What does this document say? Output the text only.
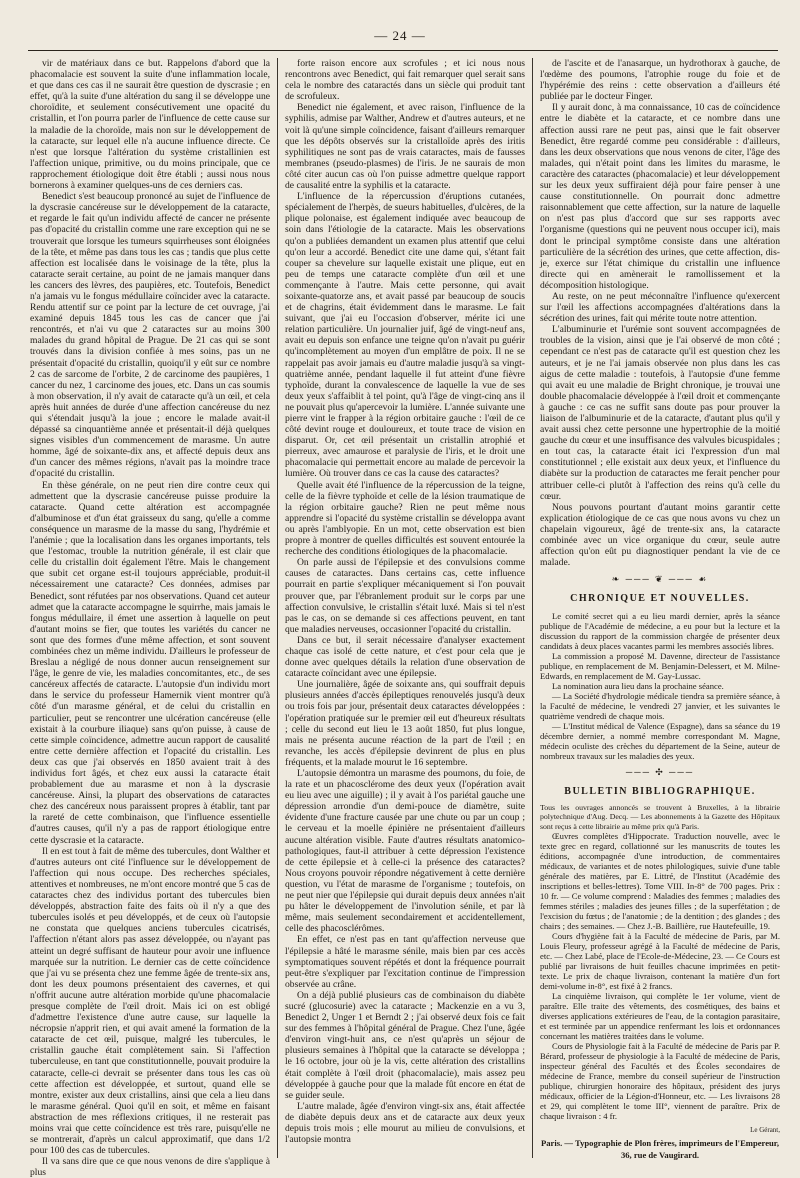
— 24 —

vir de matériaux dans ce but. Rappelons d'abord que la phacomalacie est souvent la suite d'une inflammation locale, et que dans ces cas il ne saurait être question de dyscrasie ; en effet, qu'à la suite d'une altération du sang il se développe une choroïdite, et seulement consécutivement une opacité du cristallin, et l'on pourra parler de l'influence de cette cause sur la maladie de la choroïde, mais non sur le développement de la cataracte, sur lequel elle n'a aucune influence directe. Ce n'est que lorsque l'altération du système cristallinien est l'affection unique, primitive, ou du moins principale, que ce rapprochement étiologique doit être établi ; aussi nous nous bornerons à examiner quelques-uns de ces derniers cas.

Benedict s'est beaucoup prononcé au sujet de l'influence de la dyscrasie cancéreuse sur le développement de la cataracte, et regarde le fait qu'un individu affecté de cancer ne présente pas d'opacité du cristallin comme une rare exception qui ne se trouverait que lorsque les tumeurs squirrheuses sont éloignées de la tête, et même pas dans tous les cas ; tandis que plus cette affection est localisée dans le voisinage de la tête, plus la cataracte serait certaine, au point de ne jamais manquer dans les cancers des lèvres, des paupières, etc. Toutefois, Benedict n'a jamais vu le fongus médullaire coïncider avec la cataracte. Rendu attentif sur ce point par la lecture de cet ouvrage, j'ai examiné depuis 1845 tous les cas de cancer que j'ai rencontrés, et n'ai vu que 2 cataractes sur au moins 300 malades du grand hôpital de Prague. De 21 cas qui se sont trouvés dans la division confiée à mes soins, pas un ne présentait d'opacité du cristallin, quoiqu'il y eût sur ce nombre 2 cas de sarcome de l'orbite, 2 de carcinome des paupières, 1 cancer du nez, 1 carcinome des joues, etc. Dans un cas soumis à mon observation, il n'y avait de cataracte qu'à un œil, et cela après huit années de durée d'une affection cancéreuse du nez qui s'étendait jusqu'à la joue ; encore le malade avait-il dépassé sa cinquantième année et présentait-il déjà quelques signes visibles d'un commencement de marasme. Un autre homme, âgé de soixante-dix ans, et affecté depuis deux ans d'un cancer des mêmes régions, n'avait pas la moindre trace d'opacité du cristallin.

En thèse générale, on ne peut rien dire contre ceux qui admettent que la dyscrasie cancéreuse puisse produire la cataracte. Quand cette altération est accompagnée d'albuminose et d'un état graisseux du sang, qu'elle a comme conséquence un marasme de la masse du sang, l'hydrémie et l'anémie ; que la localisation dans les organes importants, tels que l'estomac, trouble la nutrition générale, il est clair que celle du cristallin doit également l'être. Mais le changement que subit cet organe est-il toujours appréciable, produit-il nécessairement une cataracte? Ces données, admises par Benedict, sont réfutées par nos observations. Quand cet auteur admet que la cataracte accompagne le squirrhe, mais jamais le fongus médullaire, il émet une assertion à laquelle on peut d'autant moins se fier, que toutes les variétés du cancer ne sont que des formes d'une même affection, et sont souvent combinées chez un même individu. D'ailleurs le professeur de Breslau a négligé de nous donner aucun renseignement sur l'âge, le genre de vie, les maladies concomitantes, etc., de ses cancéreux affectés de cataracte. L'autopsie d'un individu mort dans le service du professeur Hamernik vient montrer qu'à côté d'un marasme général, et de celui du cristallin en particulier, peut se rencontrer une ulcération cancéreuse (elle existait à la courbure iliaque) sans qu'on puisse, à cause de cette simple coïncidence, admettre aucun rapport de causalité entre cette dernière affection et l'opacité du cristallin. Les deux cas que j'ai observés en 1850 avaient trait à des individus fort âgés, et chez eux aussi la cataracte était probablement due au marasme et non à la dyscrasie cancéreuse. Ainsi, la plupart des observations de cataractes chez des cancéreux nous paraissent propres à établir, tant par la rareté de cette combinaison, que l'influence essentielle d'autres causes, qu'il n'y a pas de rapport étiologique entre cette dyscrasie et la cataracte.

Il en est tout à fait de même des tubercules, dont Walther et d'autres auteurs ont cité l'influence sur le développement de l'affection qui nous occupe. Des recherches spéciales, attentives et nombreuses, ne m'ont encore montré que 5 cas de cataractes chez des individus portant des tubercules bien développés, abstraction faite des faits où il n'y a que des tubercules isolés et peu développés, et de ceux où l'autopsie ne constata que quelques anciens tubercules cicatrisés, l'affection n'étant alors pas assez développée, ou n'ayant pas atteint un degré suffisant de hauteur pour avoir une influence marquée sur la nutrition. Le dernier cas de cette coïncidence que j'ai vu se présenta chez une femme âgée de trente-six ans, dont les deux poumons présentaient des cavernes, et qui n'offrit aucune autre altération morbide qu'une phacomalacie presque complète de l'œil droit. Mais ici on est obligé d'admettre l'existence d'une autre cause, sur laquelle la nécropsie n'apprit rien, et qui avait amené la formation de la cataracte de cet œil, puisque, malgré les tubercules, le cristallin gauche était complètement sain. Si l'affection tuberculeuse, en tant que constitutionnelle, pouvait produire la cataracte, celle-ci devrait se présenter dans tous les cas où cette affection est développée, et surtout, quand elle se montre, exister aux deux cristallins, ainsi que cela a lieu dans le marasme général. Quoi qu'il en soit, et même en faisant abstraction de mes réflexions critiques, il ne resterait pas moins vrai que cette coïncidence est très rare, puisqu'elle ne se montrerait, d'après un calcul approximatif, que dans 1/2 pour 100 des cas de tubercules.

Il va sans dire que ce que nous venons de dire s'applique à plus

forte raison encore aux scrofules ; et ici nous nous rencontrons avec Benedict, qui fait remarquer quel serait sans cela le nombre des cataractés dans un siècle qui produit tant de scrofuleux.

Benedict nie également, et avec raison, l'influence de la syphilis, admise par Walther, Andrew et d'autres auteurs, et ne voit là qu'une simple coïncidence, faisant d'ailleurs remarquer que les dépôts observés sur la cristalloïde après des iritis syphilitiques ne sont pas de vrais cataractes, mais de fausses membranes (pseudo-plasmes) de l'iris. Je ne saurais de mon côté citer aucun cas où l'on puisse admettre quelque rapport de causalité entre la syphilis et la cataracte.

L'influence de la répercussion d'éruptions cutanées, spécialement de l'herpès, de sueurs habituelles, d'ulcères, de la plique polonaise, est également indiquée avec beaucoup de soin dans l'étiologie de la cataracte. Mais les observations qu'on a publiées demandent un examen plus attentif que celui qu'on leur a accordé. Benedict cite une dame qui, s'étant fait couper sa chevelure sur laquelle existait une plique, eut en peu de temps une cataracte complète d'un œil et une commençante à l'autre. Mais cette personne, qui avait soixante-quatorze ans, et avait passé par beaucoup de soucis et de chagrins, était évidemment dans le marasme. Le fait suivant, que j'ai eu l'occasion d'observer, mérite ici une relation particulière. Un journalier juif, âgé de vingt-neuf ans, avait eu depuis son enfance une teigne qu'on n'avait pu guérir qu'incomplètement au moyen d'un emplâtre de poix. Il ne se rappelait pas avoir jamais eu d'autre maladie jusqu'à sa vingt-quatrième année, pendant laquelle il fut atteint d'une fièvre typhoïde, durant la convalescence de laquelle la vue de ses deux yeux s'affaiblit à tel point, qu'à l'âge de vingt-cinq ans il ne pouvait plus qu'apercevoir la lumière. L'année suivante une pierre vint le frapper à la région orbitaire gauche : l'œil de ce côté devint rouge et douloureux, et toute trace de vision en disparut. Or, cet œil présentait un cristallin atrophié et pierreux, avec amaurose et paralysie de l'iris, et le droit une phacomalacie qui permettait encore au malade de percevoir la lumière. Où trouver dans ce cas la cause des cataractes?

Quelle avait été l'influence de la répercussion de la teigne, celle de la fièvre typhoïde et celle de la lésion traumatique de la région orbitaire gauche? Rien ne peut même nous apprendre si l'opacité du système cristallin se développa avant ou après l'amblyopie. En un mot, cette observation est bien propre à montrer de quelles difficultés est souvent entourée la recherche des conditions étiologiques de la phacomalacie.

On parle aussi de l'épilepsie et des convulsions comme causes de cataractes. Dans certains cas, cette influence pourrait en partie s'expliquer mécaniquement si l'on pouvait prouver que, par l'ébranlement produit sur le corps par une affection convulsive, le cristallin s'était luxé. Mais si tel n'est pas le cas, on se demande si ces affections peuvent, en tant que maladies nerveuses, occasionner l'opacité du cristallin.

Dans ce but, il serait nécessaire d'analyser exactement chaque cas isolé de cette nature, et c'est pour cela que je donne avec quelques détails la relation d'une observation de cataracte coïncidant avec une épilepsie.

Une journalière, âgée de soixante ans, qui souffrait depuis plusieurs années d'accès épileptiques renouvelés jusqu'à deux ou trois fois par jour, présentait deux cataractes développées : l'opération pratiquée sur le premier œil eut d'heureux résultats ; celle du second eut lieu le 13 août 1850, fut plus longue, mais ne présenta aucune réaction de la part de l'œil ; en revanche, les accès d'épilepsie devinrent de plus en plus fréquents, et la malade mourut le 16 septembre.

L'autopsie démontra un marasme des poumons, du foie, de la rate et un phacosclérome des deux yeux (l'opération avait eu lieu avec une aiguille) ; il y avait à l'os pariétal gauche une dépression arrondie d'un demi-pouce de diamètre, suite évidente d'une fracture causée par une chute ou par un coup ; le cerveau et la moelle épinière ne présentaient d'ailleurs aucune altération visible. Faute d'autres résultats anatomico-pathologiques, faut-il attribuer à cette dépression l'existence de cette épilepsie et à celle-ci la présence des cataractes? Nous croyons pouvoir répondre négativement à cette dernière question, vu l'état de marasme de l'organisme ; toutefois, on ne peut nier que l'épilepsie qui durait depuis deux années n'ait pu hâter le développement de l'involution sénile, et par là même, mais seulement secondairement et accidentellement, celle des phacosclérômes.

En effet, ce n'est pas en tant qu'affection nerveuse que l'épilepsie a hâté le marasme sénile, mais bien par ces accès symptomatiques souvent répétés et dont la fréquence pourrait peut-être s'expliquer par l'excitation continue de l'impression observée au crâne.

On a déjà publié plusieurs cas de combinaison du diabète sucré (glucosurie) avec la cataracte ; Mackenzie en a vu 3, Benedict 2, Unger 1 et Berndt 2 ; j'ai observé deux fois ce fait sur des femmes à l'hôpital général de Prague. Chez l'une, âgée d'environ vingt-huit ans, ce n'est qu'après un séjour de plusieurs semaines à l'hôpital que la cataracte se développa ; le 16 octobre, jour où je la vis, cette altération des cristallins était complète à l'œil droit (phacomalacie), mais assez peu développée à gauche pour que la malade fût encore en état de se guider seule.

L'autre malade, âgée d'environ vingt-six ans, était affectée de diabète depuis deux ans et de cataracte aux deux yeux depuis trois mois ; elle mourut au milieu de convulsions, et l'autopsie montra

de l'ascite et de l'anasarque, un hydrothorax à gauche, de l'œdème des poumons, l'atrophie rouge du foie et de l'hypérémie des reins : cette observation a d'ailleurs été publiée par le docteur Finger.

Il y aurait donc, à ma connaissance, 10 cas de coïncidence entre le diabète et la cataracte, et ce nombre dans une affection aussi rare ne peut pas, ainsi que le fait observer Benedict, être regardé comme peu considérable : d'ailleurs, dans les deux observations que nous venons de citer, l'âge des malades, qui n'était point dans les limites du marasme, le caractère des cataractes (phacomalacie) et leur développement sur les deux yeux suffiraient déjà pour faire penser à une cause constitutionnelle. On pourrait donc admettre raisonnablement que cette affection, sur la nature de laquelle on n'est pas plus d'accord que sur ses rapports avec l'organisme (questions qui ne peuvent nous occuper ici), mais dont le principal symptôme consiste dans une altération particulière de la sécrétion des urines, que cette affection, dis-je, exerce sur l'état chimique du cristallin une influence directe qui en amènerait le ramollissement et la décomposition histologique.

Au reste, on ne peut méconnaître l'influence qu'exercent sur l'œil les affections accompagnées d'altérations dans la sécrétion des urines, fait qui mérite toute notre attention.

L'albuminurie et l'urémie sont souvent accompagnées de troubles de la vision, ainsi que je l'ai observé de mon côté ; cependant ce n'est pas de cataracte qu'il est question chez les auteurs, et je ne l'ai jamais observée non plus dans les cas aigus de cette maladie : toutefois, à l'autopsie d'une femme qui avait eu une maladie de Bright chronique, je trouvai une double phacomalacie développée à l'œil droit et commençante à gauche : ce cas ne suffit sans doute pas pour prouver la liaison de l'albuminurie et de la cataracte, d'autant plus qu'il y avait aussi chez cette personne une hypertrophie de la moitié gauche du cœur et une insuffisance des valvules bicuspidales ; en tout cas, la cataracte était ici l'expression d'un mal constitutionnel ; elle existait aux deux yeux, et l'influence du diabète sur la production de cataractes me ferait pencher pour attribuer celle-ci plutôt à l'affection des reins qu'à celle du cœur.

Nous pouvons pourtant d'autant moins garantir cette explication étiologique de ce cas que nous avons vu chez un chapelain vigoureux, âgé de trente-six ans, la cataracte combinée avec un vice organique du cœur, seule autre affection qu'on eût pu diagnostiquer pendant la vie de ce malade.

❧ ─── ❦ ─── ☙
CHRONIQUE ET NOUVELLES.

Le comité secret qui a eu lieu mardi dernier, après la séance publique de l'Académie de médecine, a eu pour but la lecture et la discussion du rapport de la commission chargée de présenter deux candidats à deux places vacantes parmi les membres associés libres.

La commission a proposé M. Davenne, directeur de l'assistance publique, en remplacement de M. Benjamin-Delessert, et M. Milne-Edwards, en remplacement de M. Gay-Lussac.

La nomination aura lieu dans la prochaine séance.

— La Société d'hydrologie médicale tiendra sa première séance, à la Faculté de médecine, le vendredi 27 janvier, et les suivantes le quatrième vendredi de chaque mois.

— L'Institut médical de Valence (Espagne), dans sa séance du 19 décembre dernier, a nommé membre correspondant M. Magne, médecin oculiste des crèches du département de la Seine, auteur de nombreux travaux sur les maladies des yeux.

─── ✣ ───
BULLETIN BIBLIOGRAPHIQUE.

Tous les ouvrages annoncés se trouvent à Bruxelles, à la librairie polytechnique d'Aug. Decq. — Les abonnements à la Gazette des Hôpitaux sont reçus à cette librairie au même prix qu'à Paris.

Œuvres complètes d'Hippocrate. Traduction nouvelle, avec le texte grec en regard, collationné sur les manuscrits de toutes les éditions, accompagnée d'une introduction, de commentaires médicaux, de variantes et de notes philologiques, suivie d'une table générale des matières, par E. Littré, de l'Institut (Académie des inscriptions et belles-lettres). Tome VIII. In-8° de 700 pages. Prix : 10 fr. — Ce volume comprend : Maladies des femmes ; maladies des femmes stériles ; maladies des jeunes filles ; de la superfétation ; de l'excision du fœtus ; de l'anatomie ; de la dentition ; des glandes ; des chairs ; des semaines. — Chez J.-B. Baillière, rue Hautefeuille, 19.

Cours d'hygiène fait à la Faculté de médecine de Paris, par M. Louis Fleury, professeur agrégé à la Faculté de médecine de Paris, etc. — Chez Labé, place de l'Ecole-de-Médecine, 23. — Ce Cours est publié par livraisons de huit feuilles chacune imprimées en petit-texte. Le prix de chaque livraison, contenant la matière d'un fort demi-volume in-8°, est fixé à 2 francs.

La cinquième livraison, qui complète le 1er volume, vient de paraître. Elle traite des vêtements, des cosmétiques, des bains et diverses applications extérieures de l'eau, de la contagion parasitaire, et est terminée par un appendice renfermant les lois et ordonnances concernant les matières traitées dans le volume.

Cours de Physiologie fait à la Faculté de médecine de Paris par P. Bérard, professeur de physiologie à la Faculté de médecine de Paris, inspecteur général des Facultés et des Écoles secondaires de médecine de France, membre du conseil supérieur de l'instruction publique, chirurgien honoraire des hôpitaux, président des jurys médicaux, officier de la Légion-d'Honneur, etc. — Les livraisons 28 et 29, qui complètent le tome III°, viennent de paraître. Prix de chaque livraison : 4 fr.

Le Gérant,
Paris. — Typographie de Plon frères, imprimeurs de l'Empereur,
36, rue de Vaugirard.
